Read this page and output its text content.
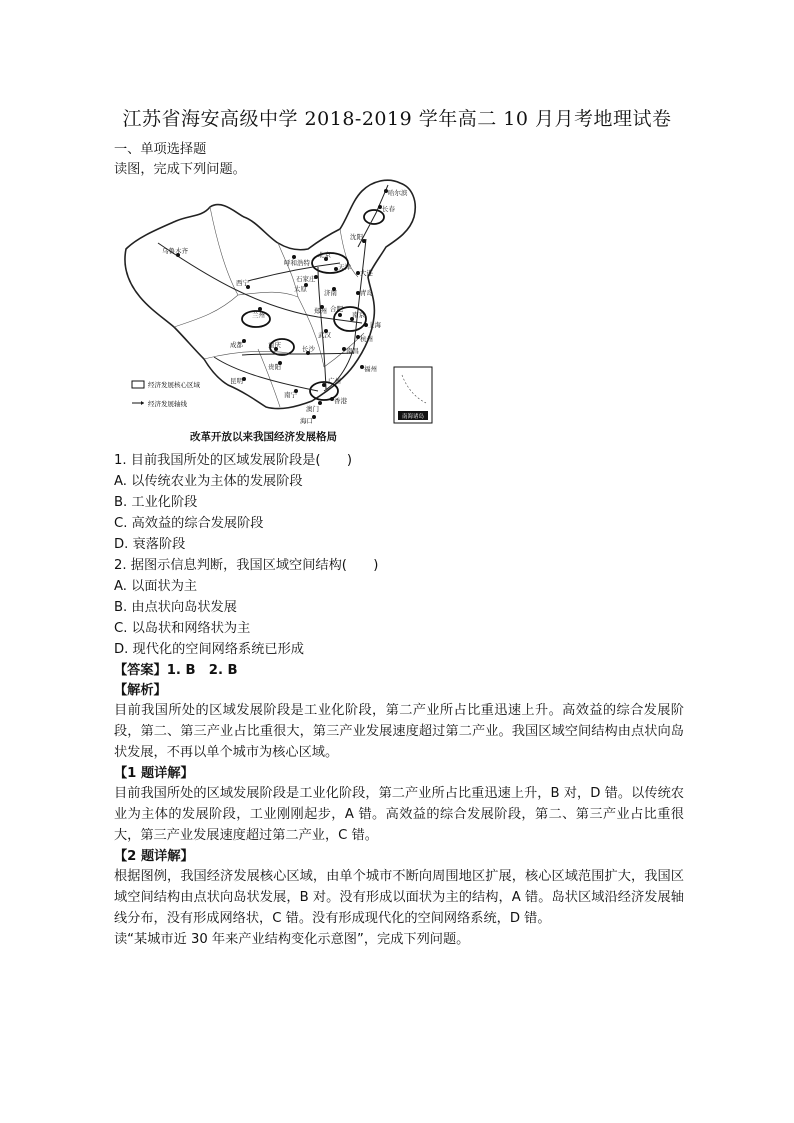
江苏省海安高级中学 2018-2019 学年高二 10 月月考地理试卷
一、单项选择题
读图，完成下列问题。
乌鲁木齐
哈尔滨
长春
沈阳
呼和浩特
北京
天津
大连
石家庄
太原	济南	青岛
西宁
兰州	郑州 合肥
南京
上海
杭州
武汉
南昌
成都	重庆	长沙
福州
贵阳
昆明	广州
南宁
香港
澳门
海口
经济发展核心区域
经济发展轴线
南海诸岛
改革开放以来我国经济发展格局
1. 目前我国所处的区域发展阶段是(　　)
A. 以传统农业为主体的发展阶段
B. 工业化阶段
C. 高效益的综合发展阶段
D. 衰落阶段
2. 据图示信息判断，我国区域空间结构(　　)
A. 以面状为主
B. 由点状向岛状发展
C. 以岛状和网络状为主
D. 现代化的空间网络系统已形成
【答案】1. B　2. B
【解析】
目前我国所处的区域发展阶段是工业化阶段，第二产业所占比重迅速上升。高效益的综合发展阶段，第二、第三产业占比重很大，第三产业发展速度超过第二产业。我国区域空间结构由点状向岛状发展，不再以单个城市为核心区域。
【1 题详解】
目前我国所处的区域发展阶段是工业化阶段，第二产业所占比重迅速上升，B 对，D 错。以传统农业为主体的发展阶段，工业刚刚起步，A 错。高效益的综合发展阶段，第二、第三产业占比重很大，第三产业发展速度超过第二产业，C 错。
【2 题详解】
根据图例，我国经济发展核心区域，由单个城市不断向周围地区扩展，核心区域范围扩大，我国区域空间结构由点状向岛状发展，B 对。没有形成以面状为主的结构，A 错。岛状区域沿经济发展轴线分布，没有形成网络状，C 错。没有形成现代化的空间网络系统，D 错。
读“某城市近 30 年来产业结构变化示意图”，完成下列问题。
